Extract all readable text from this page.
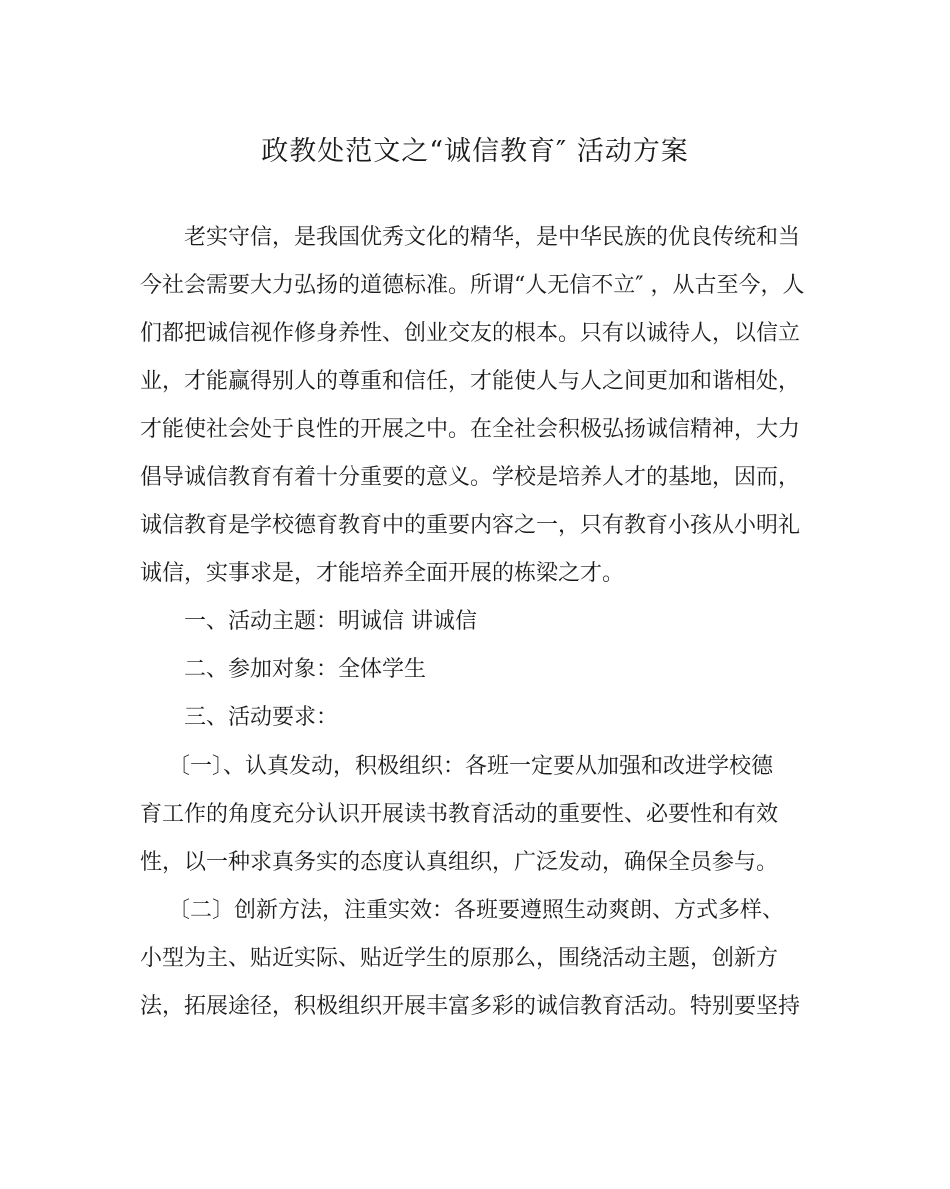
政教处范文之“诚信教育″ 活动方案

老实守信，是我国优秀文化的精华，是中华民族的优良传统和当

今社会需要大力弘扬的道德标准。所谓“人无信不立″ ，从古至今，人

们都把诚信视作修身养性、创业交友的根本。只有以诚待人，以信立

业，才能赢得别人的尊重和信任，才能使人与人之间更加和谐相处，

才能使社会处于良性的开展之中。在全社会积极弘扬诚信精神，大力

倡导诚信教育有着十分重要的意义。学校是培养人才的基地，因而，

诚信教育是学校德育教育中的重要内容之一，只有教育小孩从小明礼

诚信，实事求是，才能培养全面开展的栋梁之才。

一、活动主题：明诚信 讲诚信

二、参加对象：全体学生

三、活动要求：

〔一〕、认真发动，积极组织：各班一定要从加强和改进学校德

育工作的角度充分认识开展读书教育活动的重要性、必要性和有效

性，以一种求真务实的态度认真组织，广泛发动，确保全员参与。

〔二〕创新方法，注重实效：各班要遵照生动爽朗、方式多样、

小型为主、贴近实际、贴近学生的原那么，围绕活动主题，创新方

法，拓展途径，积极组织开展丰富多彩的诚信教育活动。特别要坚持
